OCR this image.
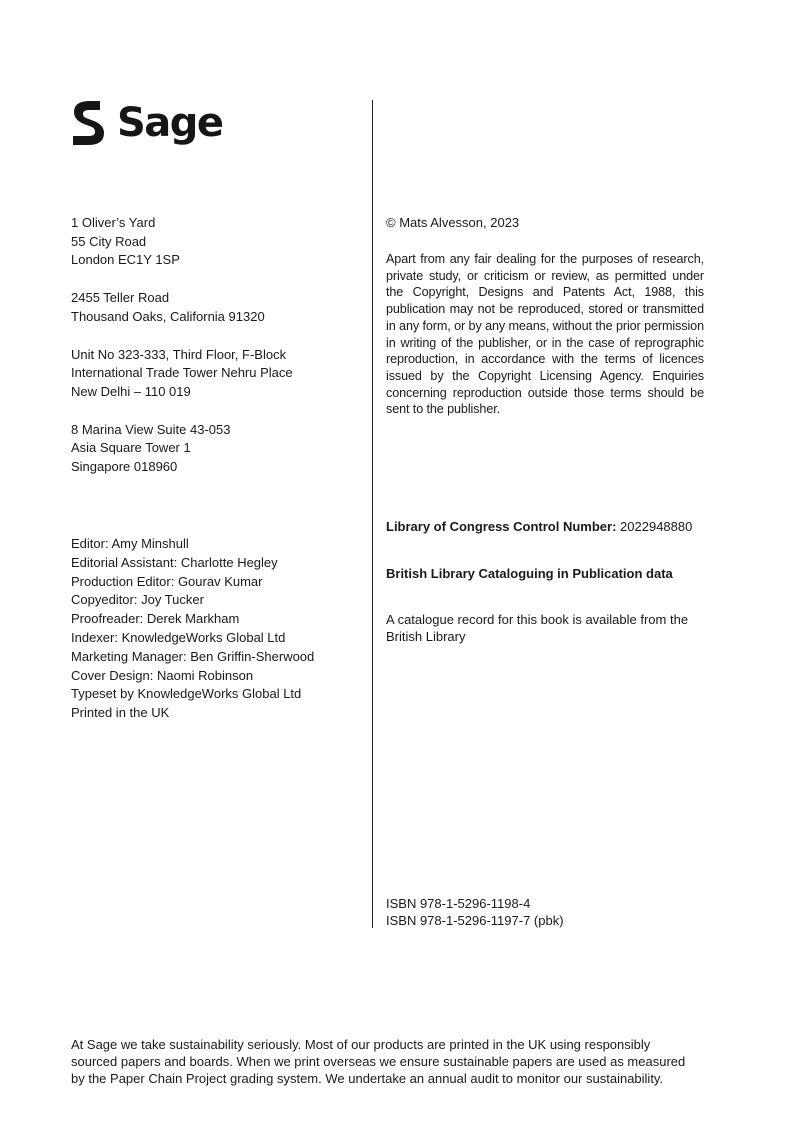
Sage
1 Oliver’s Yard
55 City Road
London EC1Y 1SP
2455 Teller Road
Thousand Oaks, California 91320
Unit No 323-333, Third Floor, F-Block
International Trade Tower Nehru Place
New Delhi – 110 019
8 Marina View Suite 43-053
Asia Square Tower 1
Singapore 018960
Editor: Amy Minshull
Editorial Assistant: Charlotte Hegley
Production Editor: Gourav Kumar
Copyeditor: Joy Tucker
Proofreader: Derek Markham
Indexer: KnowledgeWorks Global Ltd
Marketing Manager: Ben Griffin-Sherwood
Cover Design: Naomi Robinson
Typeset by KnowledgeWorks Global Ltd
Printed in the UK
© Mats Alvesson, 2023
Apart from any fair dealing for the purposes of research, private study, or criticism or review, as permitted under the Copyright, Designs and Patents Act, 1988, this publication may not be reproduced, stored or transmitted in any form, or by any means, without the prior permission in writing of the publisher, or in the case of reprographic reproduction, in accordance with the terms of licences issued by the Copyright Licensing Agency. Enquiries concerning reproduction outside those terms should be sent to the publisher.
Library of Congress Control Number: 2022948880
British Library Cataloguing in Publication data
A catalogue record for this book is available from the
British Library
ISBN 978-1-5296-1198-4
ISBN 978-1-5296-1197-7 (pbk)
At Sage we take sustainability seriously. Most of our products are printed in the UK using responsibly
sourced papers and boards. When we print overseas we ensure sustainable papers are used as measured
by the Paper Chain Project grading system. We undertake an annual audit to monitor our sustainability.
